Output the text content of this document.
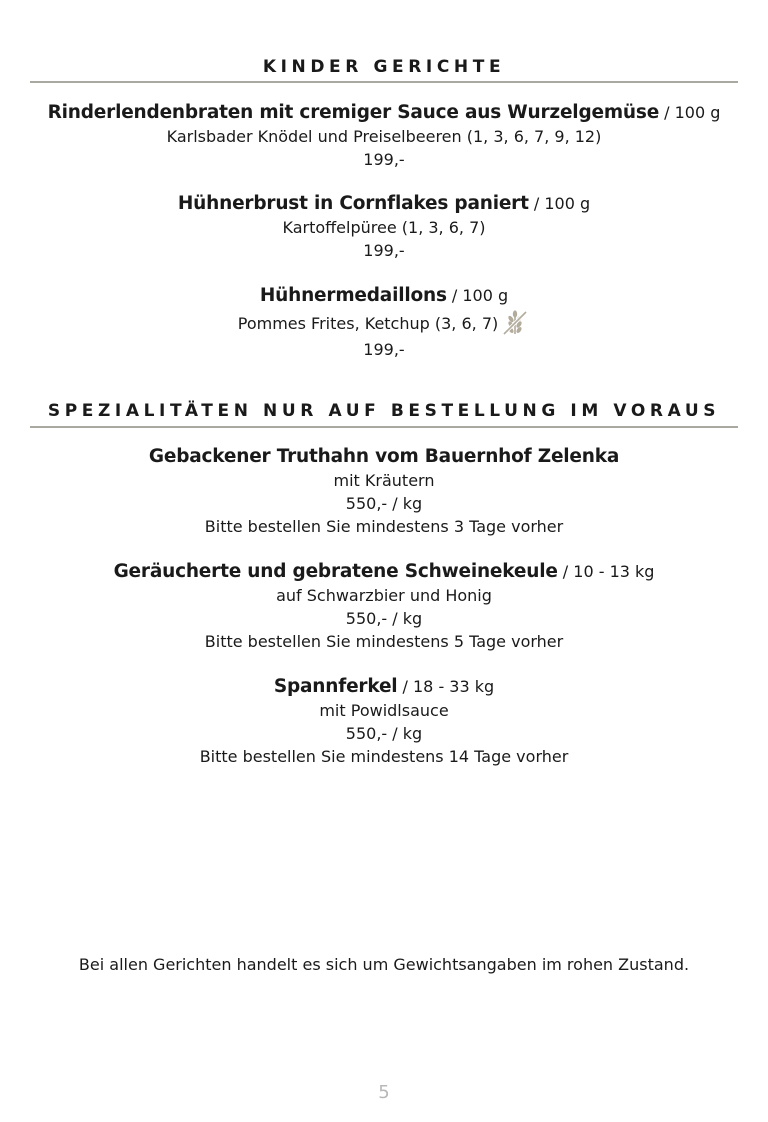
KINDER GERICHTE
Rinderlendenbraten mit cremiger Sauce aus Wurzelgemüse / 100 g
Karlsbader Knödel und Preiselbeeren (1, 3, 6, 7, 9, 12)
199,-
Hühnerbrust in Cornflakes paniert / 100 g
Kartoffelpüree (1, 3, 6, 7)
199,-
Hühnermedaillons / 100 g
Pommes Frites, Ketchup (3, 6, 7)
199,-
SPEZIALITÄTEN NUR AUF BESTELLUNG IM VORAUS
Gebackener Truthahn vom Bauernhof Zelenka
mit Kräutern
550,- / kg
Bitte bestellen Sie mindestens 3 Tage vorher
Geräucherte und gebratene Schweinekeule / 10 - 13 kg
auf Schwarzbier und Honig
550,- / kg
Bitte bestellen Sie mindestens 5 Tage vorher
Spannferkel / 18 - 33 kg
mit Powidlsauce
550,- / kg
Bitte bestellen Sie mindestens 14 Tage vorher
Bei allen Gerichten handelt es sich um Gewichtsangaben im rohen Zustand.
5
